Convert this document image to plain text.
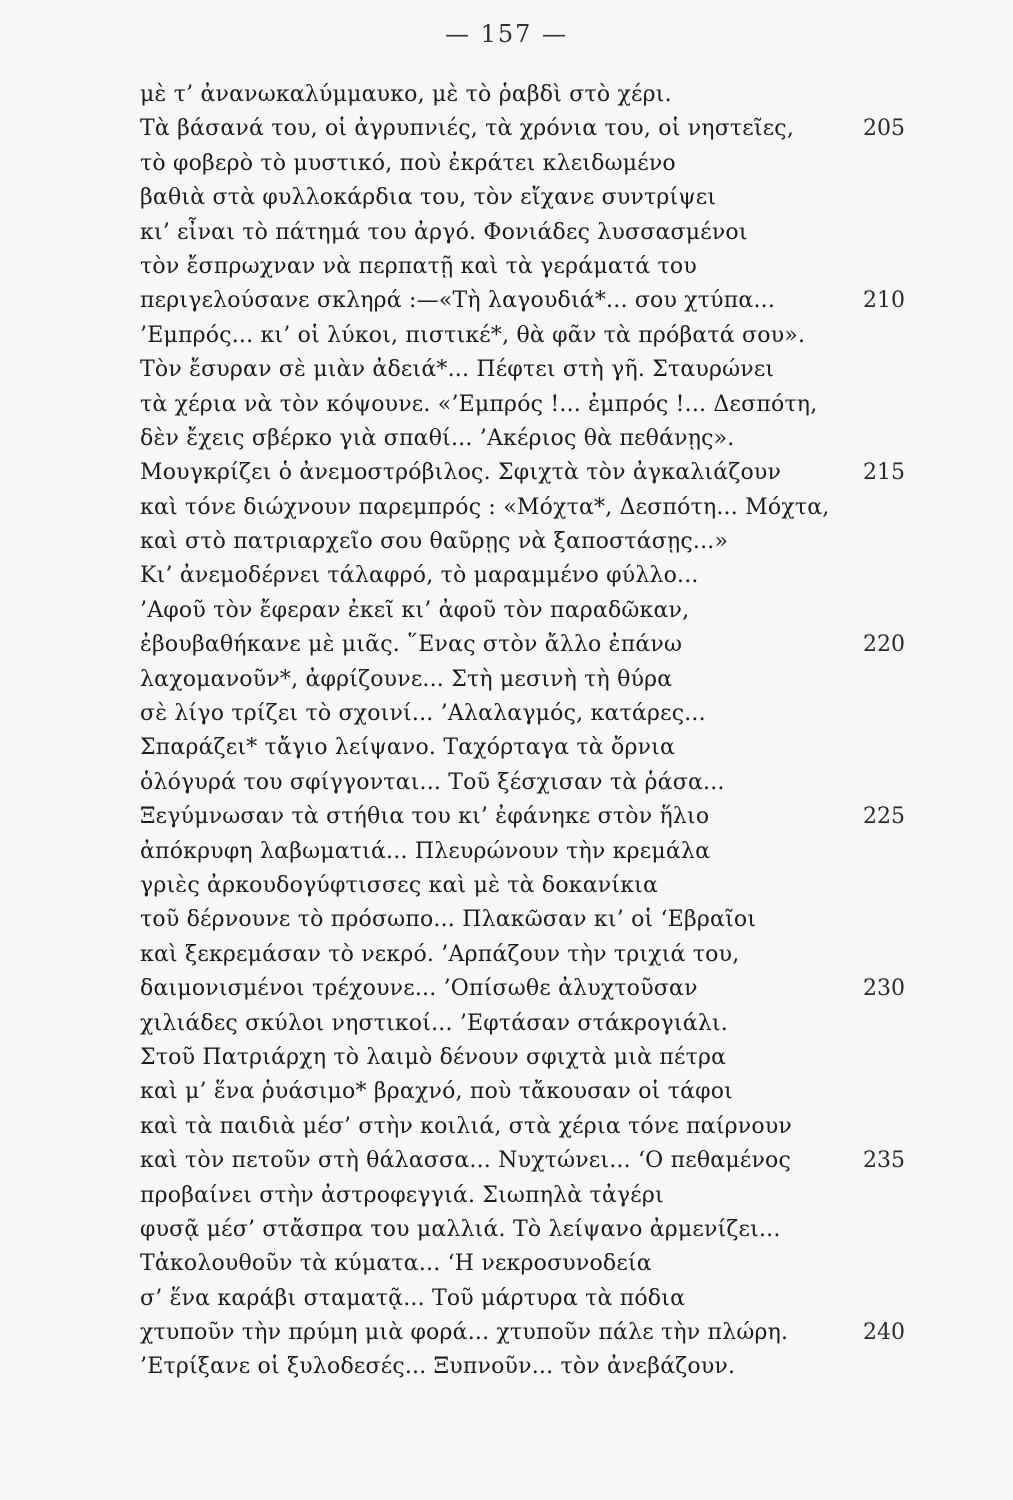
— 157 —
μὲ τ’ ἀνανωκαλύμμαυκο, μὲ τὸ ῥαβδὶ στὸ χέρι.
Τὰ βάσανά του, οἱ ἀγρυπνιές, τὰ χρόνια του, οἱ νηστεῖες,	205
τὸ φοβερὸ τὸ μυστικό, ποὺ ἐκράτει κλειδωμένο
βαθιὰ στὰ φυλλοκάρδια του, τὸν εἴχανε συντρίψει
κι’ εἶναι τὸ πάτημά του ἀργό. Φονιάδες λυσσασμένοι
τὸν ἔσπρωχναν νὰ περπατῇ καὶ τὰ γεράματά του
περιγελούσανε σκληρά :—«Τὴ λαγουδιά*... σου χτύπα...	210
’Εμπρός... κι’ οἱ λύκοι, πιστικέ*, θὰ φᾶν τὰ πρόβατά σου».
Τὸν ἔσυραν σὲ μιὰν ἀδειά*... Πέφτει στὴ γῆ. Σταυρώνει
τὰ χέρια νὰ τὸν κόψουνε. «’Εμπρός !... ἐμπρός !... Δεσπότη,
δὲν ἔχεις σβέρκο γιὰ σπαθί... ’Ακέριος θὰ πεθάνῃς».
Μουγκρίζει ὁ ἀνεμοστρόβιλος. Σφιχτὰ τὸν ἀγκαλιάζουν	215
καὶ τόνε διώχνουν παρεμπρός : «Μόχτα*, Δεσπότη... Μόχτα,
καὶ στὸ πατριαρχεῖο σου θαῦρῃς νὰ ξαποστάσῃς...»
Κι’ ἀνεμοδέρνει τάλαφρό, τὸ μαραμμένο φύλλο...
’Αφοῦ τὸν ἔφεραν ἐκεῖ κι’ ἀφοῦ τὸν παραδῶκαν,
ἐβουβαθήκανε μὲ μιᾶς. ῞Ενας στὸν ἄλλο ἐπάνω	220
λαχομανοῦν*, ἀφρίζουνε... Στὴ μεσινὴ τὴ θύρα
σὲ λίγο τρίζει τὸ σχοινί... ’Αλαλαγμός, κατάρες...
Σπαράζει* τἄγιο λείψανο. Ταχόρταγα τὰ ὄρνια
ὁλόγυρά του σφίγγονται... Τοῦ ξέσχισαν τὰ ῥάσα...
Ξεγύμνωσαν τὰ στήθια του κι’ ἐφάνηκε στὸν ἥλιο	225
ἀπόκρυφη λαβωματιά... Πλευρώνουν τὴν κρεμάλα
γριὲς ἀρκουδογύφτισσες καὶ μὲ τὰ δοκανίκια
τοῦ δέρνουνε τὸ πρόσωπο... Πλακῶσαν κι’ οἱ ‘Εβραῖοι
καὶ ξεκρεμάσαν τὸ νεκρό. ’Αρπάζουν τὴν τριχιά του,
δαιμονισμένοι τρέχουνε... ’Οπίσωθε ἀλυχτοῦσαν	230
χιλιάδες σκύλοι νηστικοί... ’Εφτάσαν στάκρογιάλι.
Στοῦ Πατριάρχη τὸ λαιμὸ δένουν σφιχτὰ μιὰ πέτρα
καὶ μ’ ἕνα ῥυάσιμο* βραχνό, ποὺ τἄκουσαν οἱ τάφοι
καὶ τὰ παιδιὰ μέσ’ στὴν κοιλιά, στὰ χέρια τόνε παίρνουν
καὶ τὸν πετοῦν στὴ θάλασσα... Νυχτώνει... ‘Ο πεθαμένος	235
προβαίνει στὴν ἀστροφεγγιά. Σιωπηλὰ τἀγέρι
φυσᾷ μέσ’ στἄσπρα του μαλλιά. Τὸ λείψανο ἀρμενίζει...
Τἀκολουθοῦν τὰ κύματα... ‘Η νεκροσυνοδεία
σ’ ἕνα καράβι σταματᾷ... Τοῦ μάρτυρα τὰ πόδια
χτυποῦν τὴν πρύμη μιὰ φορά... χτυποῦν πάλε τὴν πλώρη.	240
’Ετρίξανε οἱ ξυλοδεσές... Ξυπνοῦν... τὸν ἀνεβάζουν.
